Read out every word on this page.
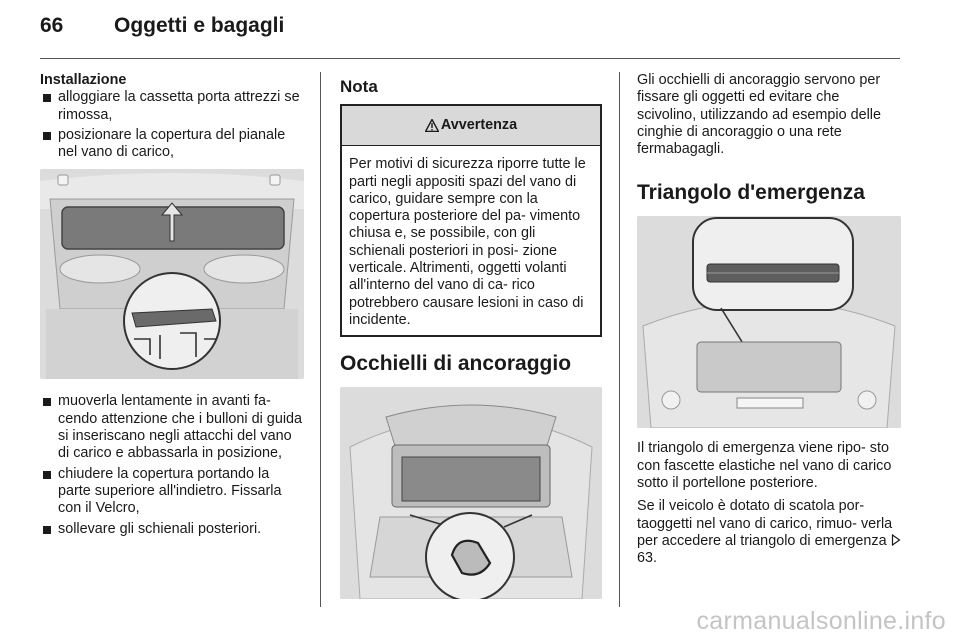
66	Oggetti e bagagli
Installazione
alloggiare la cassetta porta attrezzi se rimossa,
posizionare la copertura del pianale nel vano di carico,
muoverla lentamente in avanti fa- cendo attenzione che i bulloni di guida si inseriscano negli attacchi del vano di carico e abbassarla in posizione,
chiudere la copertura portando la parte superiore all'indietro. Fissarla con il Velcro,
sollevare gli schienali posteriori.
Nota
Avvertenza
Per motivi di sicurezza riporre tutte le parti negli appositi spazi del vano di carico, guidare sempre con la copertura posteriore del pa- vimento chiusa e, se possibile, con gli schienali posteriori in posi- zione verticale. Altrimenti, oggetti volanti all'interno del vano di ca- rico potrebbero causare lesioni in caso di incidente.
Occhielli di ancoraggio
Gli occhielli di ancoraggio servono per fissare gli oggetti ed evitare che scivolino, utilizzando ad esempio delle cinghie di ancoraggio o una rete fermabagagli.
Triangolo d'emergenza
Il triangolo di emergenza viene ripo- sto con fascette elastiche nel vano di carico sotto il portellone posteriore.
Se il veicolo è dotato di scatola por- taoggetti nel vano di carico, rimuo- verla per accedere al triangolo di emergenza  63.
carmanualsonline.info
